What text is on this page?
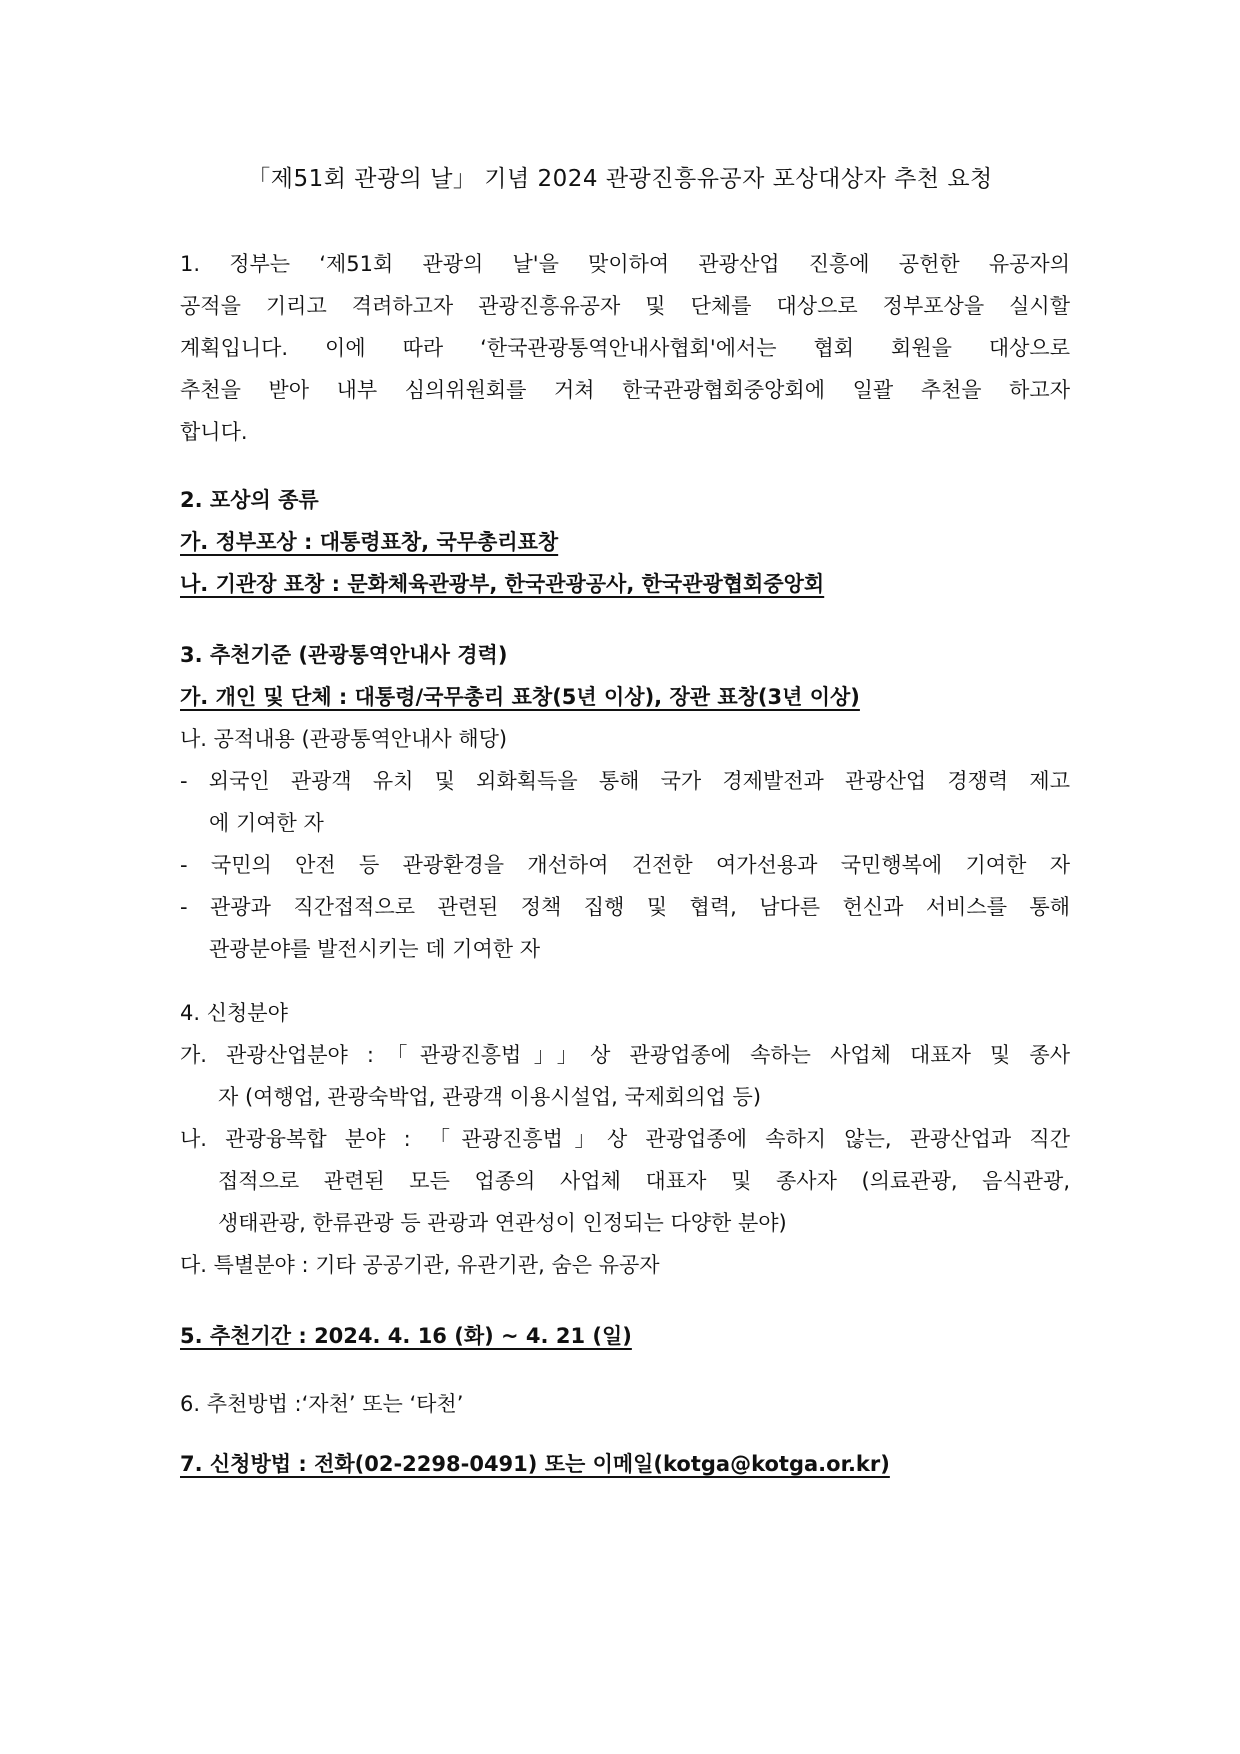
「제51회 관광의 날」 기념 2024 관광진흥유공자 포상대상자 추천 요청
1. 정부는 ‘제51회 관광의 날'을 맞이하여 관광산업 진흥에 공헌한 유공자의
공적을 기리고 격려하고자 관광진흥유공자 및 단체를 대상으로 정부포상을 실시할
계획입니다. 이에 따라 ‘한국관광통역안내사협회'에서는 협회 회원을 대상으로
추천을 받아 내부 심의위원회를 거쳐 한국관광협회중앙회에 일괄 추천을 하고자
합니다.
2. 포상의 종류
가. 정부포상 : 대통령표창, 국무총리표창
나. 기관장 표창 : 문화체육관광부, 한국관광공사, 한국관광협회중앙회
3. 추천기준 (관광통역안내사 경력)
가. 개인 및 단체 : 대통령/국무총리 표창(5년 이상), 장관 표창(3년 이상)
나. 공적내용 (관광통역안내사 해당)
- 외국인 관광객 유치 및 외화획득을 통해 국가 경제발전과 관광산업 경쟁력 제고
에 기여한 자
- 국민의 안전 등 관광환경을 개선하여 건전한 여가선용과 국민행복에 기여한 자
- 관광과 직간접적으로 관련된 정책 집행 및 협력, 남다른 헌신과 서비스를 통해
관광분야를 발전시키는 데 기여한 자
4. 신청분야
가. 관광산업분야 :「관광진흥법」」상 관광업종에 속하는 사업체 대표자 및 종사
자 (여행업, 관광숙박업, 관광객 이용시설업, 국제회의업 등)
나. 관광융복합 분야 : 「관광진흥법」상 관광업종에 속하지 않는, 관광산업과 직간
접적으로 관련된 모든 업종의 사업체 대표자 및 종사자 (의료관광, 음식관광,
생태관광, 한류관광 등 관광과 연관성이 인정되는 다양한 분야)
다. 특별분야 : 기타 공공기관, 유관기관, 숨은 유공자
5. 추천기간 : 2024. 4. 16 (화) ~ 4. 21 (일)
6. 추천방법 :‘자천’ 또는 ‘타천’
7. 신청방법 : 전화(02-2298-0491) 또는 이메일(kotga@kotga.or.kr)
